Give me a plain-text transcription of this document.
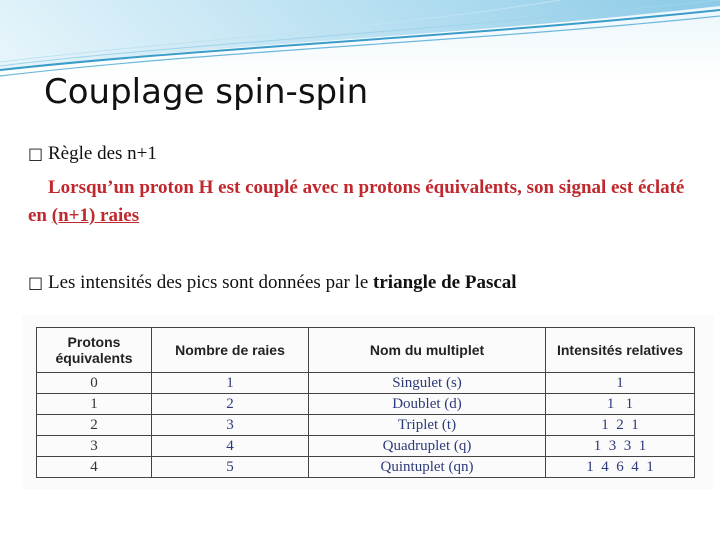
Couplage spin-spin
□ Règle des n+1
Lorsqu’un proton H est couplé avec n protons équivalents, son signal est éclaté en (n+1) raies
□ Les intensités des pics sont données par le triangle de Pascal
Protons équivalents	Nombre de raies	Nom du multiplet	Intensités relatives
0	1	Singulet (s)	1
1	2	Doublet (d)	1   1
2	3	Triplet (t)	1  2  1
3	4	Quadruplet (q)	1  3  3  1
4	5	Quintuplet (qn)	1  4  6  4  1
